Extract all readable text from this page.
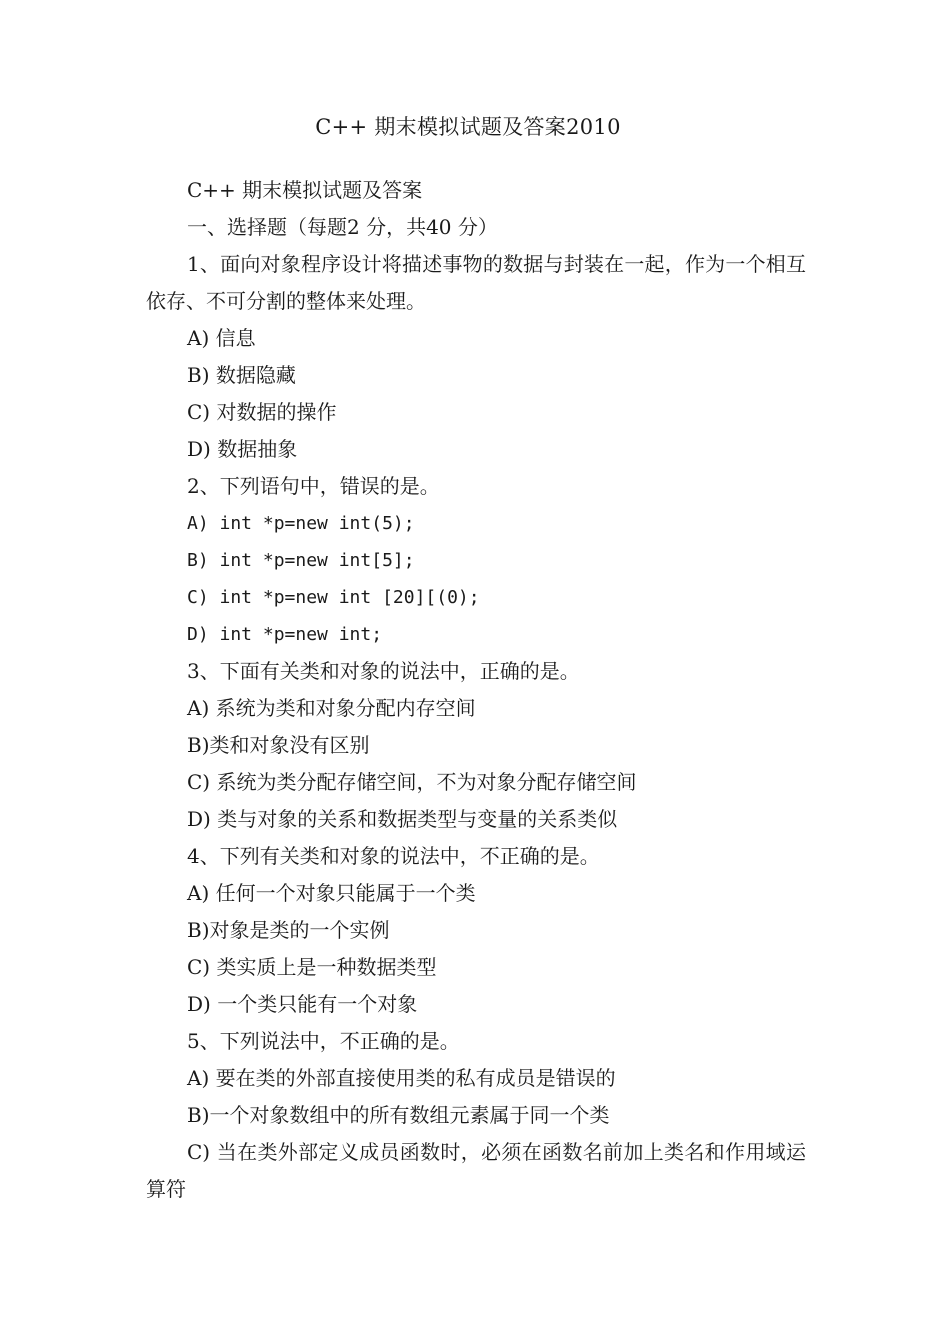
C++ 期末模拟试题及答案2010

C++ 期末模拟试题及答案

一、选择题（每题2 分，共40 分）

1、面向对象程序设计将描述事物的数据与封装在一起，作为一个相互依存、不可分割的整体来处理。

A) 信息

B) 数据隐藏

C) 对数据的操作

D) 数据抽象

2、下列语句中，错误的是。

A) int *p=new int(5);

B) int *p=new int[5];

C) int *p=new int [20][(0);

D) int *p=new int;

3、下面有关类和对象的说法中，正确的是。

A) 系统为类和对象分配内存空间

B)类和对象没有区别

C) 系统为类分配存储空间，不为对象分配存储空间

D) 类与对象的关系和数据类型与变量的关系类似

4、下列有关类和对象的说法中，不正确的是。

A) 任何一个对象只能属于一个类

B)对象是类的一个实例

C) 类实质上是一种数据类型

D) 一个类只能有一个对象

5、下列说法中，不正确的是。

A) 要在类的外部直接使用类的私有成员是错误的

B)一个对象数组中的所有数组元素属于同一个类

C) 当在类外部定义成员函数时，必须在函数名前加上类名和作用域运算符
